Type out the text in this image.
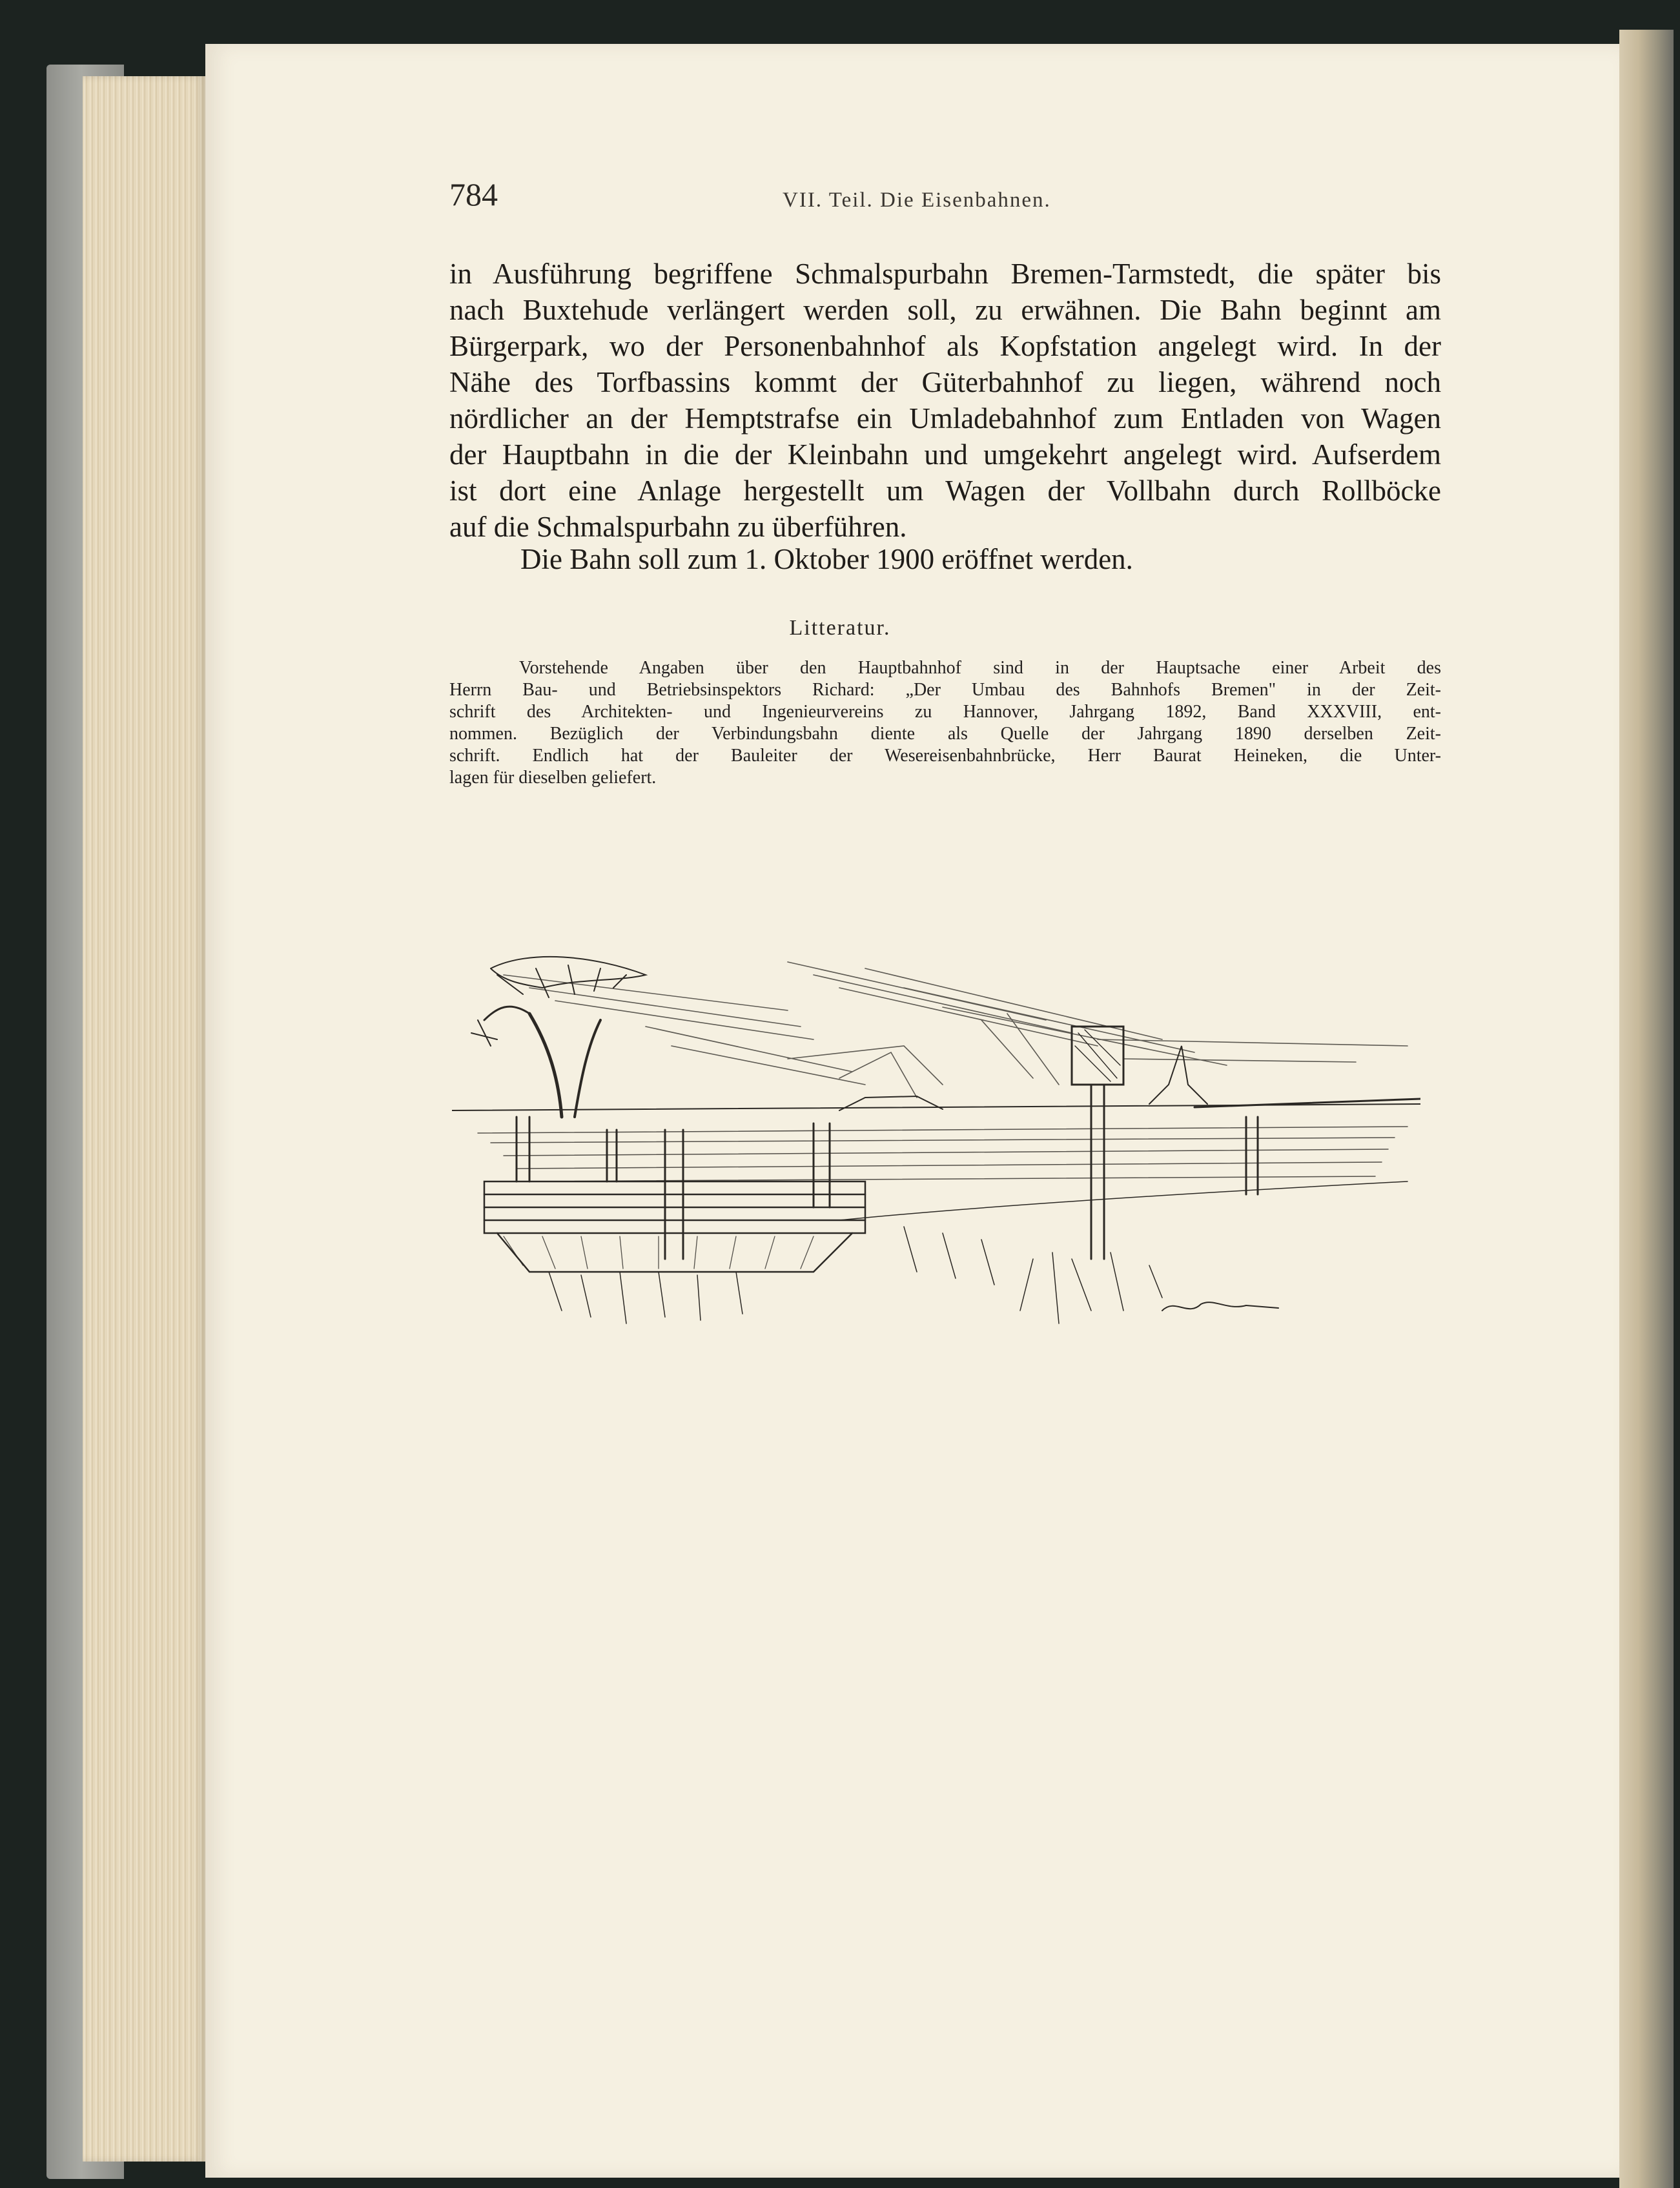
784	VII. Teil. Die Eisenbahnen.
in Ausführung begriffene Schmalspurbahn Bremen-Tarmstedt, die später bis
nach Buxtehude verlängert werden soll, zu erwähnen. Die Bahn beginnt am
Bürgerpark, wo der Personenbahnhof als Kopfstation angelegt wird. In der
Nähe des Torfbassins kommt der Güterbahnhof zu liegen, während noch
nördlicher an der Hemptstrafse ein Umladebahnhof zum Entladen von Wagen
der Hauptbahn in die der Kleinbahn und umgekehrt angelegt wird. Aufserdem
ist dort eine Anlage hergestellt um Wagen der Vollbahn durch Rollböcke
auf die Schmalspurbahn zu überführen.
Die Bahn soll zum 1. Oktober 1900 eröffnet werden.
Litteratur.
Vorstehende Angaben über den Hauptbahnhof sind in der Hauptsache einer Arbeit des
Herrn Bau- und Betriebsinspektors Richard: „Der Umbau des Bahnhofs Bremen" in der Zeit-
schrift des Architekten- und Ingenieurvereins zu Hannover, Jahrgang 1892, Band XXXVIII, ent-
nommen. Bezüglich der Verbindungsbahn diente als Quelle der Jahrgang 1890 derselben Zeit-
schrift. Endlich hat der Bauleiter der Wesereisenbahnbrücke, Herr Baurat Heineken, die Unter-
lagen für dieselben geliefert.
